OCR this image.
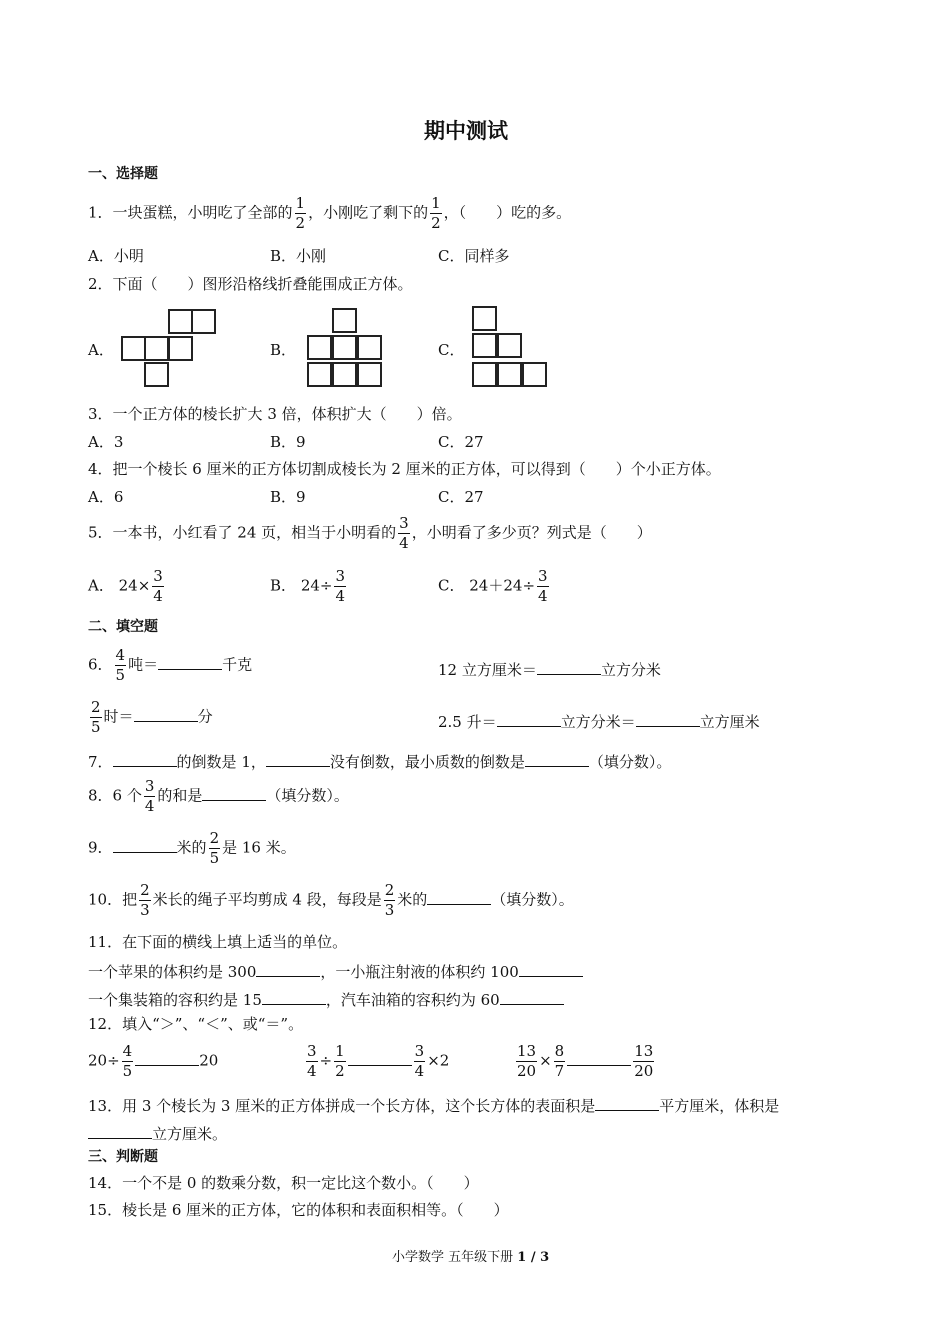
期中测试
一、选择题
1．一块蛋糕，小明吃了全部的 $\frac{1}{2}$ ，小刚吃了剩下的 $\frac{1}{2}$ ，（　　）吃的多。
A．小明	B．小刚	C．同样多
2．下面（　　）图形沿格线折叠能围成正方体。
A．	B．	C．
3．一个正方体的棱长扩大 3 倍，体积扩大（　　）倍。
A．3	B．9	C．27
4．把一个棱长 6 厘米的正方体切割成棱长为 2 厘米的正方体，可以得到（　　）个小正方体。
A．6	B．9	C．27
5．一本书，小红看了 24 页，相当于小明看的 $\frac{3}{4}$ ，小明看了多少页？列式是（　　）
A． $24\times \frac{3}{4}$	B． $24\div \frac{3}{4}$	C． $24+24\div \frac{3}{4}$
二、填空题
6． $\frac{4}{5}$ 吨＝	千克	12 立方厘米＝	立方分米
$\frac{2}{5}$ 时＝	分	2.5 升＝	立方分米＝	立方厘米
7．	的倒数是 1，	没有倒数，最小质数的倒数是	（填分数）。
8．6 个 $\frac{3}{4}$ 的和是	（填分数）。
9．	米的 $\frac{2}{5}$ 是 16 米。
10．把 $\frac{2}{3}$ 米长的绳子平均剪成 4 段，每段是 $\frac{2}{3}$ 米的	（填分数）。
11．在下面的横线上填上适当的单位。
一个苹果的体积约是 300	，一小瓶注射液的体积约 100
一个集装箱的容积约是 15	，汽车油箱的容积约为 60
12．填入“＞”、“＜”、或“＝”。
$20\div \frac{4}{5}$	20	$\frac{3}{4} \div \frac{1}{2}$	$\frac{3}{4} \times 2$	$\frac{13}{20} \times \frac{8}{7}$	$\frac{13}{20}$
13．用 3 个棱长为 3 厘米的正方体拼成一个长方体，这个长方体的表面积是	平方厘米，体积是
立方厘米。
三、判断题
14．一个不是 0 的数乘分数，积一定比这个数小。（　　）
15．棱长是 6 厘米的正方体，它的体积和表面积相等。（　　）
小学数学 五年级下册 1 / 3
